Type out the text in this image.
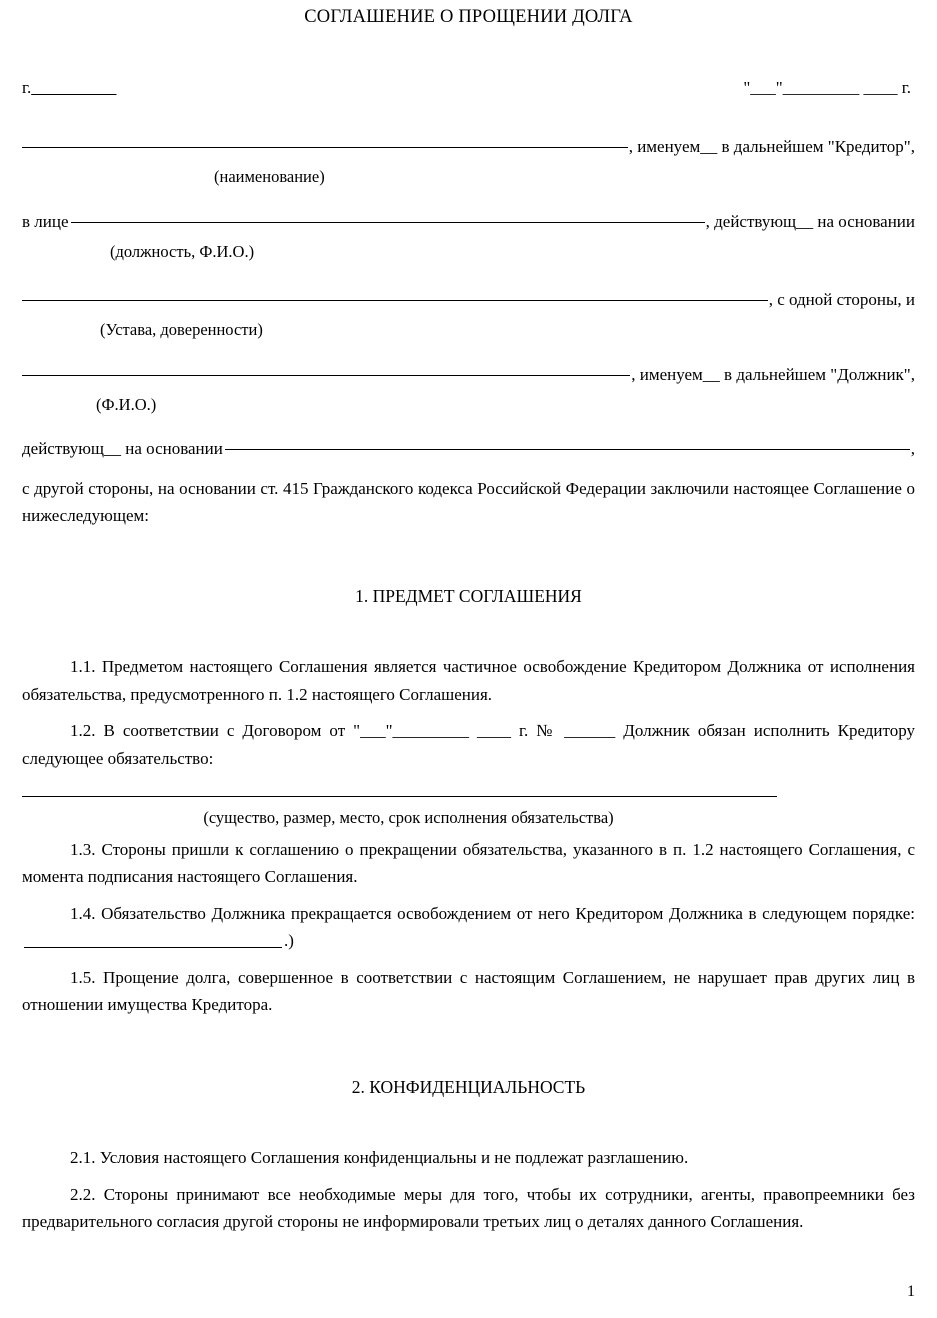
СОГЛАШЕНИЕ О ПРОЩЕНИИ ДОЛГА
г.__________	"___"_________ ____ г.
, именуем__ в дальнейшем "Кредитор",
(наименование)
в лице	, действующ__ на основании
(должность, Ф.И.О.)
, с одной стороны, и
(Устава, доверенности)
, именуем__ в дальнейшем "Должник",
(Ф.И.О.)
действующ__ на основании	,

с другой стороны, на основании ст. 415 Гражданского кодекса Российской Федерации заключили настоящее Соглашение о нижеследующем:

1. ПРЕДМЕТ СОГЛАШЕНИЯ

1.1. Предметом настоящего Соглашения является частичное освобождение Кредитором Должника от исполнения обязательства, предусмотренного п. 1.2 настоящего Соглашения.

1.2. В соответствии с Договором от "___"_________ ____ г. № ______ Должник обязан исполнить Кредитору следующее обязательство:

(существо, размер, место, срок исполнения обязательства)

1.3. Стороны пришли к соглашению о прекращении обязательства, указанного в п. 1.2 настоящего Соглашения, с момента подписания настоящего Соглашения.

1.4. Обязательство Должника прекращается освобождением от него Кредитором Должника в следующем порядке:.)

1.5. Прощение долга, совершенное в соответствии с настоящим Соглашением, не нарушает прав других лиц в отношении имущества Кредитора.

2. КОНФИДЕНЦИАЛЬНОСТЬ

2.1. Условия настоящего Соглашения конфиденциальны и не подлежат разглашению.

2.2. Стороны принимают все необходимые меры для того, чтобы их сотрудники, агенты, правопреемники без предварительного согласия другой стороны не информировали третьих лиц о деталях данного Соглашения.

1
